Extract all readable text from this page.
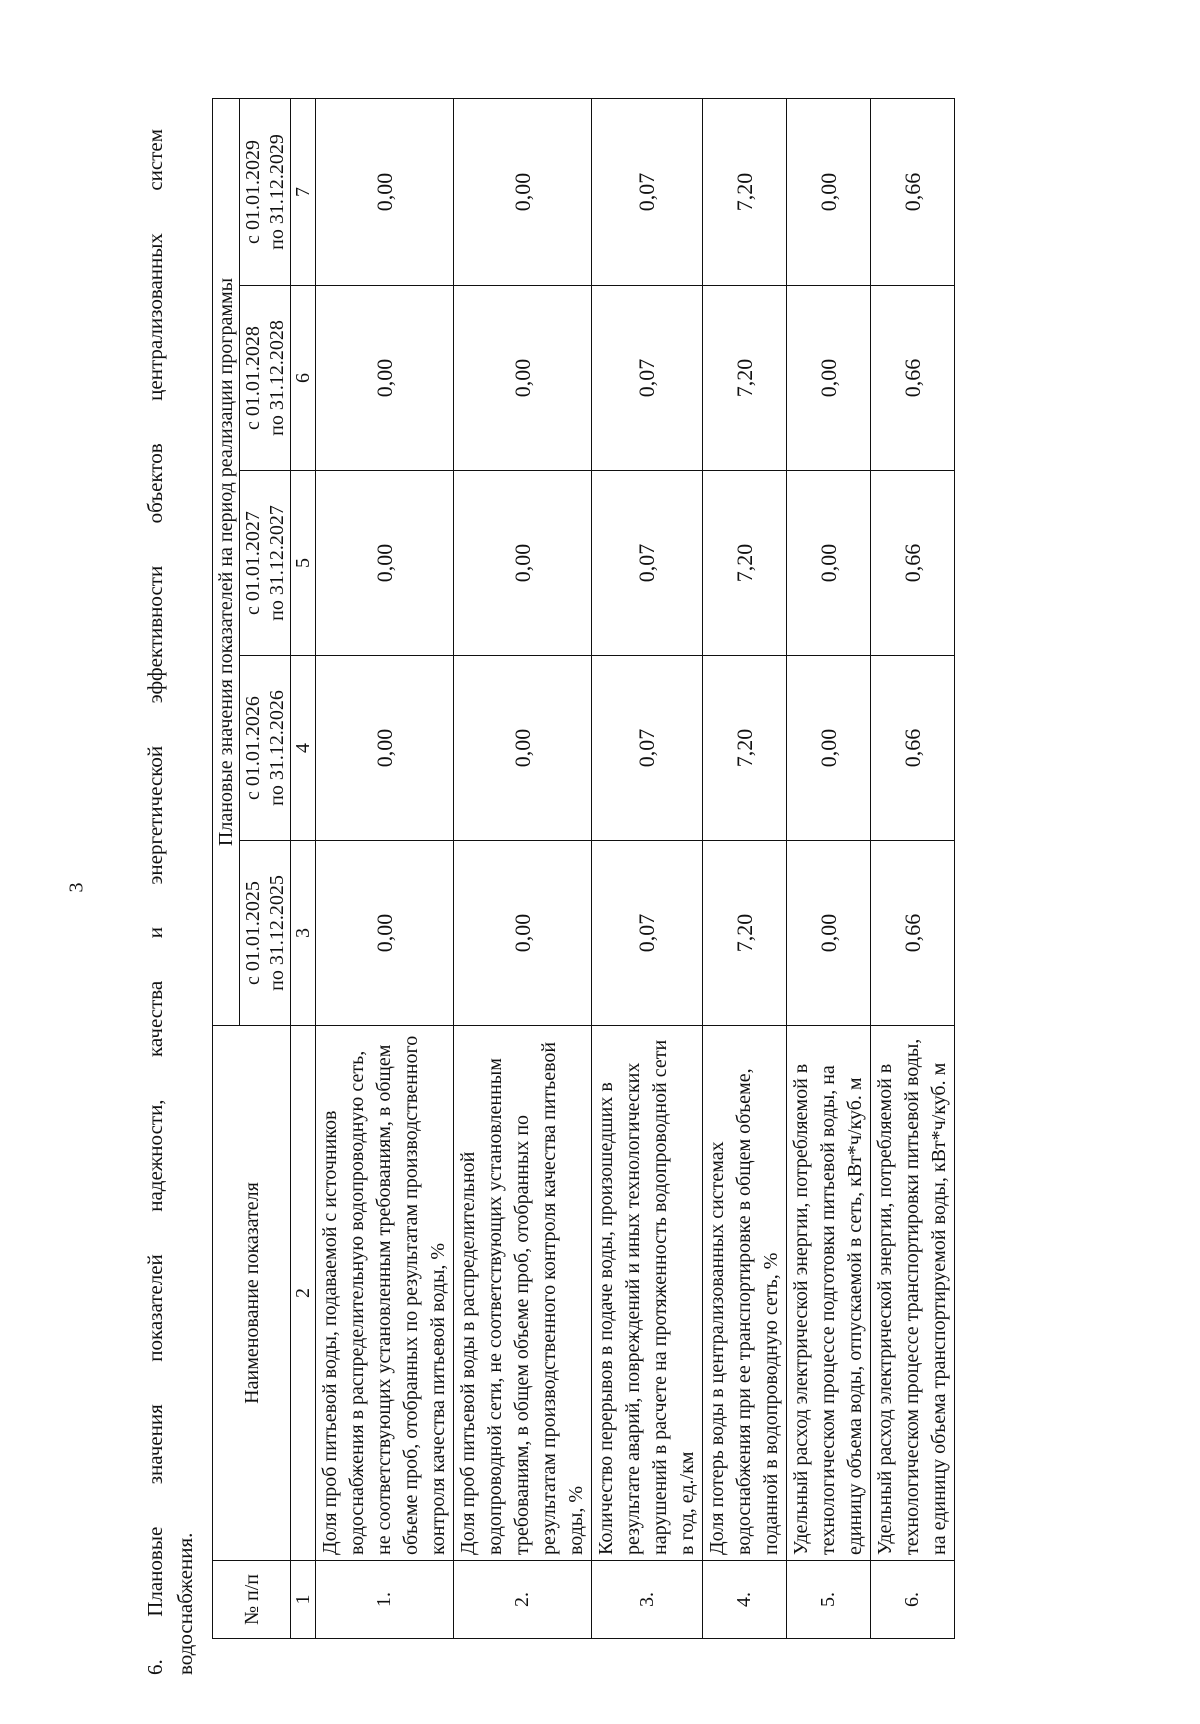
3	6. Плановые значения показателей надежности, качества и энергетической эффективности объектов централизованных систем водоснабжения. № п/п	Наименование показателя	Плановые значения показателей на период реализации программы				
		с 01.01.2025 по 31.12.2025	с 01.01.2026 по 31.12.2026	с 01.01.2027 по 31.12.2027	с 01.01.2028 по 31.12.2028	с 01.01.2029 по 31.12.2029
1	2	3	4	5	6	7
1.	Доля проб питьевой воды, подаваемой с источников водоснабжения в распределительную водопроводную сеть, не соответствующих установленным требованиям, в общем объеме проб, отобранных по результатам производственного контроля качества питьевой воды, %	0,00	0,00	0,00	0,00	0,00
2.	Доля проб питьевой воды в распределительной водопроводной сети, не соответствующих установленным требованиям, в общем объеме проб, отобранных по результатам производственного контроля качества питьевой воды, %	0,00	0,00	0,00	0,00	0,00
3.	Количество перерывов в подаче воды, произошедших в результате аварий, повреждений и иных технологических нарушений в расчете на протяженность водопроводной сети в год, ед./км	0,07	0,07	0,07	0,07	0,07
4.	Доля потерь воды в централизованных системах водоснабжения при ее транспортировке в общем объеме, поданной в водопроводную сеть, %	7,20	7,20	7,20	7,20	7,20
5.	Удельный расход электрической энергии, потребляемой в технологическом процессе подготовки питьевой воды, на единицу объема воды, отпускаемой в сеть, кВт*ч/куб. м	0,00	0,00	0,00	0,00	0,00
6.	Удельный расход электрической энергии, потребляемой в технологическом процессе транспортировки питьевой воды, на единицу объема транспортируемой воды, кВт*ч/куб. м	0,66	0,66	0,66	0,66	0,66
